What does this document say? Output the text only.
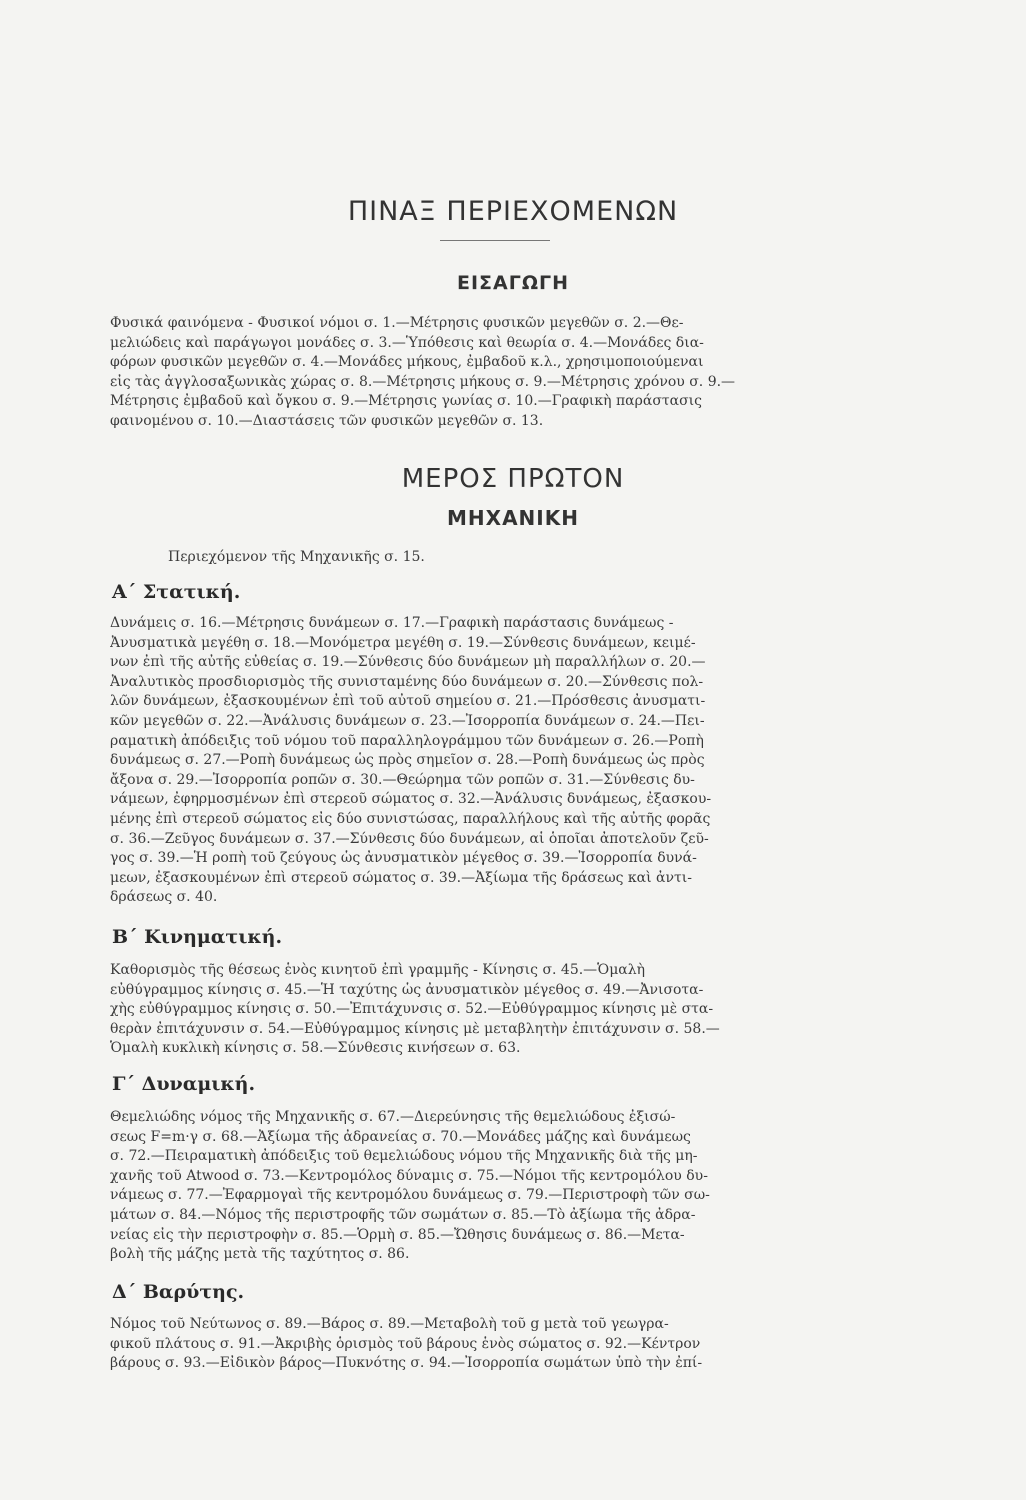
ΠΙΝΑΞ ΠΕΡΙΕΧΟΜΕΝΩΝ
ΕΙΣΑΓΩΓΗ

Φυσικά φαινόμενα - Φυσικοί νόμοι σ. 1.—Μέτρησις φυσικῶν μεγεθῶν σ. 2.—Θε-
μελιώδεις καὶ παράγωγοι μονάδες σ. 3.—Ὑπόθεσις καὶ θεωρία σ. 4.—Μονάδες δια-
φόρων φυσικῶν μεγεθῶν σ. 4.—Μονάδες μήκους, ἐμβαδοῦ κ.λ., χρησιμοποιούμεναι
εἰς τὰς ἀγγλοσαξωνικὰς χώρας σ. 8.—Μέτρησις μήκους σ. 9.—Μέτρησις χρόνου σ. 9.—
Μέτρησις ἐμβαδοῦ καὶ ὄγκου σ. 9.—Μέτρησις γωνίας σ. 10.—Γραφικὴ παράστασις
φαινομένου σ. 10.—Διαστάσεις τῶν φυσικῶν μεγεθῶν σ. 13.

ΜΕΡΟΣ ΠΡΩΤΟΝ
ΜΗΧΑΝΙΚΗ
Περιεχόμενον τῆς Μηχανικῆς σ. 15.
Α΄ Στατική.

Δυνάμεις σ. 16.—Μέτρησις δυνάμεων σ. 17.—Γραφικὴ παράστασις δυνάμεως -
Ἀνυσματικὰ μεγέθη σ. 18.—Μονόμετρα μεγέθη σ. 19.—Σύνθεσις δυνάμεων, κειμέ-
νων ἐπὶ τῆς αὐτῆς εὐθείας σ. 19.—Σύνθεσις δύο δυνάμεων μὴ παραλλήλων σ. 20.—
Ἀναλυτικὸς προσδιορισμὸς τῆς συνισταμένης δύο δυνάμεων σ. 20.—Σύνθεσις πολ-
λῶν δυνάμεων, ἐξασκουμένων ἐπὶ τοῦ αὐτοῦ σημείου σ. 21.—Πρόσθεσις ἀνυσματι-
κῶν μεγεθῶν σ. 22.—Ἀνάλυσις δυνάμεων σ. 23.—Ἰσορροπία δυνάμεων σ. 24.—Πει-
ραματικὴ ἀπόδειξις τοῦ νόμου τοῦ παραλληλογράμμου τῶν δυνάμεων σ. 26.—Ροπὴ
δυνάμεως σ. 27.—Ροπὴ δυνάμεως ὡς πρὸς σημεῖον σ. 28.—Ροπὴ δυνάμεως ὡς πρὸς
ἄξονα σ. 29.—Ἰσορροπία ροπῶν σ. 30.—Θεώρημα τῶν ροπῶν σ. 31.—Σύνθεσις δυ-
νάμεων, ἐφηρμοσμένων ἐπὶ στερεοῦ σώματος σ. 32.—Ἀνάλυσις δυνάμεως, ἐξασκου-
μένης ἐπὶ στερεοῦ σώματος εἰς δύο συνιστώσας, παραλλήλους καὶ τῆς αὐτῆς φορᾶς
σ. 36.—Ζεῦγος δυνάμεων σ. 37.—Σύνθεσις δύο δυνάμεων, αἱ ὁποῖαι ἀποτελοῦν ζεῦ-
γος σ. 39.—Ἡ ροπὴ τοῦ ζεύγους ὡς ἀνυσματικὸν μέγεθος σ. 39.—Ἰσορροπία δυνά-
μεων, ἐξασκουμένων ἐπὶ στερεοῦ σώματος σ. 39.—Ἀξίωμα τῆς δράσεως καὶ ἀντι-
δράσεως σ. 40.

Β΄ Κινηματική.

Καθορισμὸς τῆς θέσεως ἑνὸς κινητοῦ ἐπὶ γραμμῆς - Κίνησις σ. 45.—Ὁμαλὴ
εὐθύγραμμος κίνησις σ. 45.—Ἡ ταχύτης ὡς ἀνυσματικὸν μέγεθος σ. 49.—Ἀνισοτα-
χὴς εὐθύγραμμος κίνησις σ. 50.—Ἐπιτάχυνσις σ. 52.—Εὐθύγραμμος κίνησις μὲ στα-
θερὰν ἐπιτάχυνσιν σ. 54.—Εὐθύγραμμος κίνησις μὲ μεταβλητὴν ἐπιτάχυνσιν σ. 58.—
Ὁμαλὴ κυκλικὴ κίνησις σ. 58.—Σύνθεσις κινήσεων σ. 63.

Γ΄ Δυναμική.

Θεμελιώδης νόμος τῆς Μηχανικῆς σ. 67.—Διερεύνησις τῆς θεμελιώδους ἐξισώ-
σεως F=m·γ σ. 68.—Ἀξίωμα τῆς ἀδρανείας σ. 70.—Μονάδες μάζης καὶ δυνάμεως
σ. 72.—Πειραματικὴ ἀπόδειξις τοῦ θεμελιώδους νόμου τῆς Μηχανικῆς διὰ τῆς μη-
χανῆς τοῦ Atwood σ. 73.—Κεντρομόλος δύναμις σ. 75.—Νόμοι τῆς κεντρομόλου δυ-
νάμεως σ. 77.—Ἐφαρμογαὶ τῆς κεντρομόλου δυνάμεως σ. 79.—Περιστροφὴ τῶν σω-
μάτων σ. 84.—Νόμος τῆς περιστροφῆς τῶν σωμάτων σ. 85.—Τὸ ἀξίωμα τῆς ἀδρα-
νείας εἰς τὴν περιστροφὴν σ. 85.—Ὁρμὴ σ. 85.—Ὤθησις δυνάμεως σ. 86.—Μετα-
βολὴ τῆς μάζης μετὰ τῆς ταχύτητος σ. 86.

Δ΄ Βαρύτης.

Νόμος τοῦ Νεύτωνος σ. 89.—Βάρος σ. 89.—Μεταβολὴ τοῦ g μετὰ τοῦ γεωγρα-
φικοῦ πλάτους σ. 91.—Ἀκριβὴς ὁρισμὸς τοῦ βάρους ἑνὸς σώματος σ. 92.—Κέντρον
βάρους σ. 93.—Εἰδικὸν βάρος—Πυκνότης σ. 94.—Ἰσορροπία σωμάτων ὑπὸ τὴν ἐπί-
